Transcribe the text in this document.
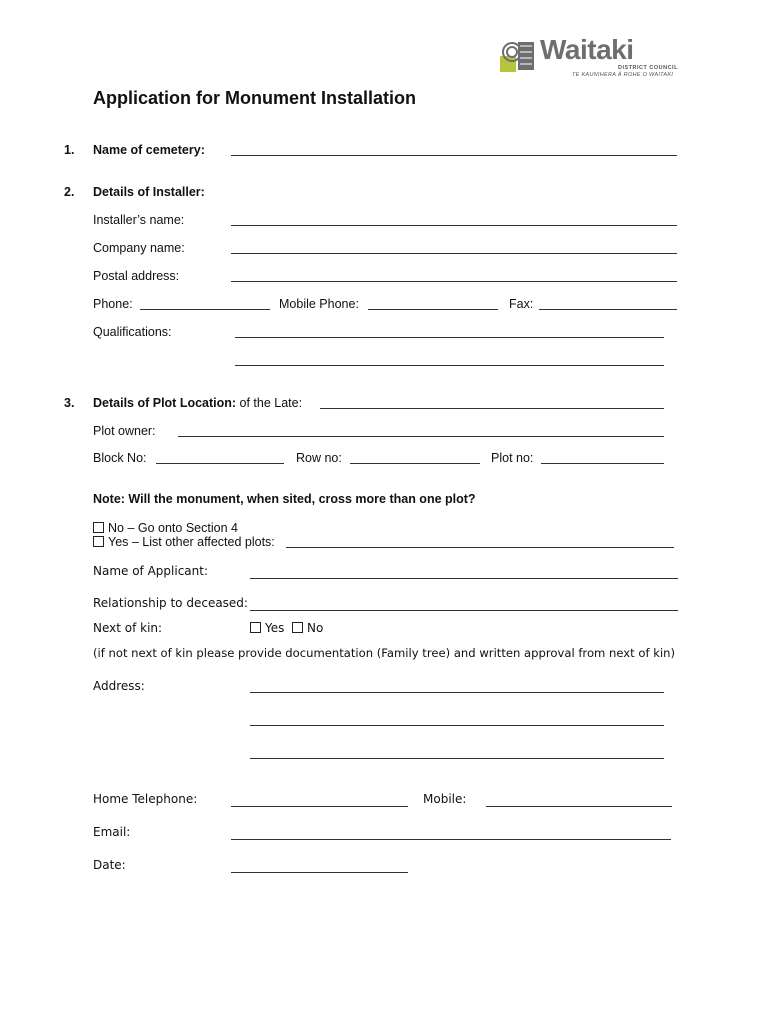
Waitaki
DISTRICT COUNCIL
TE KAUNIHERA Ā ROHE O WAITAKI
Application for Monument Installation
1. Name of cemetery:
2. Details of Installer:
Installer’s name:
Company name:
Postal address:
Phone:	Mobile Phone:	Fax:
Qualifications:
3. Details of Plot Location: of the Late:
Plot owner:
Block No:	Row no:	Plot no:
Note: Will the monument, when sited, cross more than one plot?
No – Go onto Section 4
Yes – List other affected plots:
Name of Applicant:
Relationship to deceased:
Next of kin:	Yes	No
(if not next of kin please provide documentation (Family tree) and written approval from next of kin)
Address:
Home Telephone:	Mobile:
Email:
Date:
